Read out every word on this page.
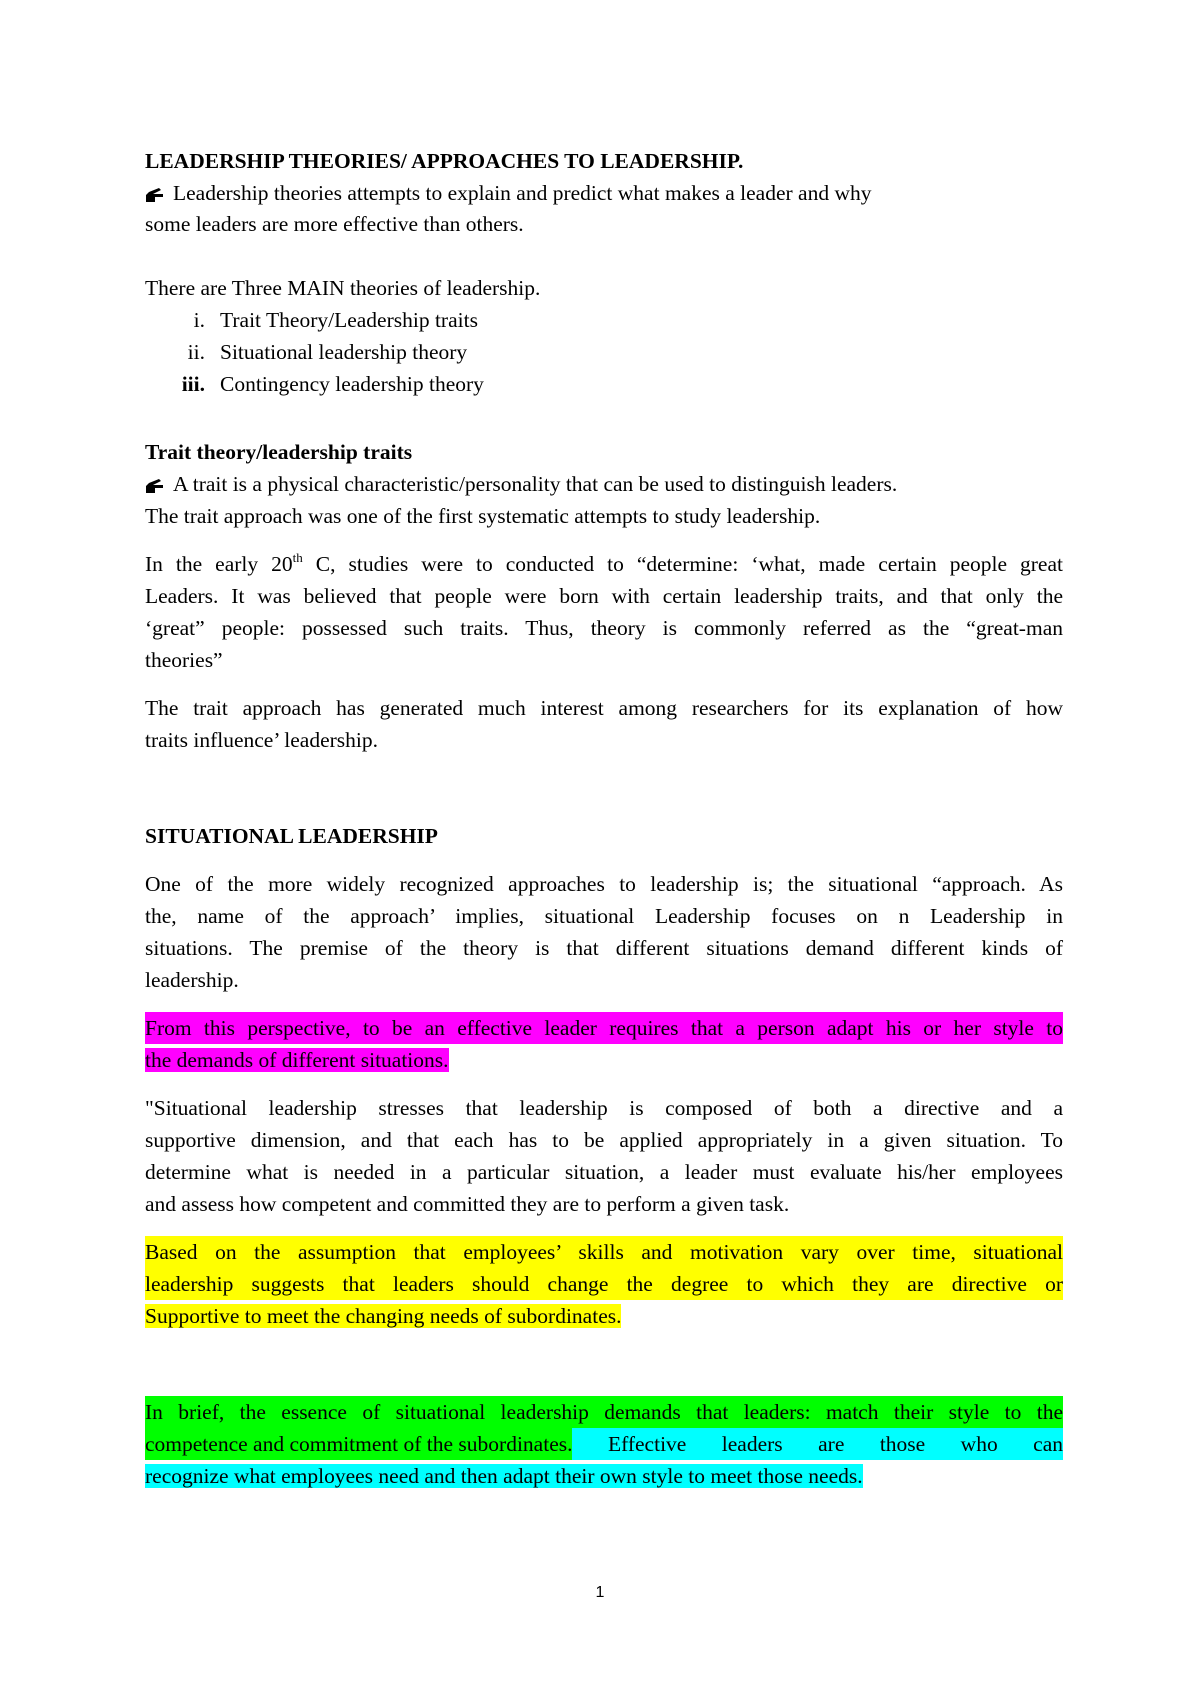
LEADERSHIP THEORIES/ APPROACHES TO LEADERSHIP.
Leadership theories attempts to explain and predict what makes a leader and why
some leaders are more effective than others.
There are Three MAIN theories of leadership.
i. Trait Theory/Leadership traits
ii. Situational leadership theory
iii. Contingency leadership theory
Trait theory/leadership traits
A trait is a physical characteristic/personality that can be used to distinguish leaders.
The trait approach was one of the first systematic attempts to study leadership.
In the early 20th C, studies were to conducted to “determine: ‘what, made certain people great
Leaders. It was believed that people were born with certain leadership traits, and that only the
‘great” people: possessed such traits. Thus, theory is commonly referred as the “great-man
theories”
The trait approach has generated much interest among researchers for its explanation of how
traits influence’ leadership.
SITUATIONAL LEADERSHIP
One of the more widely recognized approaches to leadership is; the situational “approach. As
the, name of the approach’ implies, situational Leadership focuses on n Leadership in
situations. The premise of the theory is that different situations demand different kinds of
leadership.
From this perspective, to be an effective leader requires that a person adapt his or her style to
the demands of different situations.
"Situational leadership stresses that leadership is composed of both a directive and a
supportive dimension, and that each has to be applied appropriately in a given situation. To
determine what is needed in a particular situation, a leader must evaluate his/her employees
and assess how competent and committed they are to perform a given task.
Based on the assumption that employees’ skills and motivation vary over time, situational
leadership suggests that leaders should change the degree to which they are directive or
Supportive to meet the changing needs of subordinates.
In brief, the essence of situational leadership demands that leaders: match their style to the
competence and commitment of the subordinates. Effective leaders are those who can
recognize what employees need and then adapt their own style to meet those needs.
1
